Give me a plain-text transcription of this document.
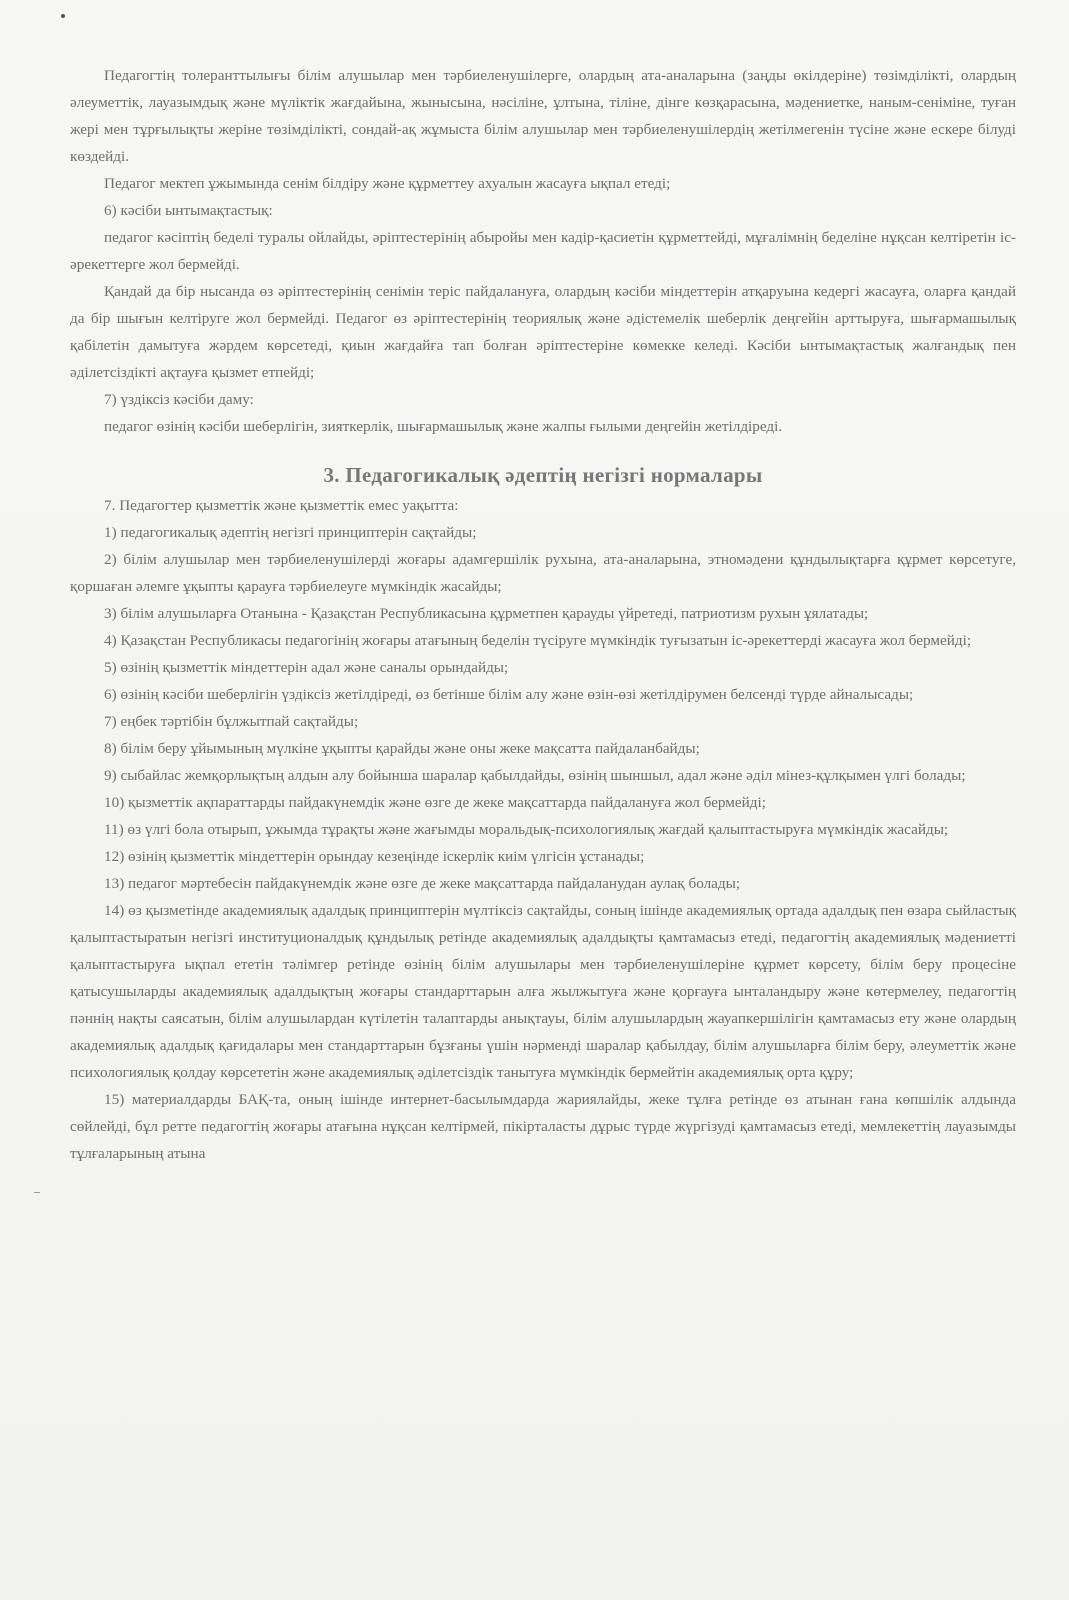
Педагогтің толеранттылығы білім алушылар мен тәрбиеленушілерге, олардың ата-аналарына (заңды өкілдеріне) төзімділікті, олардың әлеуметтік, лауазымдық және мүліктік жағдайына, жынысына, нәсіліне, ұлтына, тіліне, дінге көзқарасына, мәдениетке, наным-сеніміне, туған жері мен тұрғылықты жеріне төзімділікті, сондай-ақ жұмыста білім алушылар мен тәрбиеленушілердің жетілмегенін түсіне және ескере білуді көздейді.

Педагог мектеп ұжымында сенім білдіру және құрметтеу ахуалын жасауға ықпал етеді;

6) кәсіби ынтымақтастық:

педагог кәсіптің беделі туралы ойлайды, әріптестерінің абыройы мен кадір-қасиетін құрметтейді, мұғалімнің беделіне нұқсан келтіретін іс-әрекеттерге жол бермейді.

Қандай да бір нысанда өз әріптестерінің сенімін теріс пайдалануға, олардың кәсіби міндеттерін атқаруына кедергі жасауға, оларға қандай да бір шығын келтіруге жол бермейді. Педагог өз әріптестерінің теориялық және әдістемелік шеберлік деңгейін арттыруға, шығармашылық қабілетін дамытуға жәрдем көрсетеді, қиын жағдайға тап болған әріптестеріне көмекке келеді. Кәсіби ынтымақтастық жалғандық пен әділетсіздікті ақтауға қызмет етпейді;

7) үздіксіз кәсіби даму:

педагог өзінің кәсіби шеберлігін, зияткерлік, шығармашылық және жалпы ғылыми деңгейін жетілдіреді.

3. Педагогикалық әдептің негізгі нормалары

7. Педагогтер қызметтік және қызметтік емес уақытта:

1) педагогикалық әдептің негізгі принциптерін сақтайды;

2) білім алушылар мен тәрбиеленушілерді жоғары адамгершілік рухына, ата-аналарына, этномәдени құндылықтарға құрмет көрсетуге, қоршаған әлемге ұқыпты қарауға тәрбиелеуге мүмкіндік жасайды;

3) білім алушыларға Отанына - Қазақстан Республикасына құрметпен қарауды үйретеді, патриотизм рухын ұялатады;

4) Қазақстан Республикасы педагогінің жоғары атағының беделін түсіруге мүмкіндік туғызатын іс-әрекеттерді жасауға жол бермейді;

5) өзінің қызметтік міндеттерін адал және саналы орындайды;

6) өзінің кәсіби шеберлігін үздіксіз жетілдіреді, өз бетінше білім алу және өзін-өзі жетілдірумен белсенді түрде айналысады;

7) еңбек тәртібін бұлжытпай сақтайды;

8) білім беру ұйымының мүлкіне ұқыпты қарайды және оны жеке мақсатта пайдаланбайды;

9) сыбайлас жемқорлықтың алдын алу бойынша шаралар қабылдайды, өзінің шыншыл, адал және әділ мінез-құлқымен үлгі болады;

10) қызметтік ақпараттарды пайдакүнемдік және өзге де жеке мақсаттарда пайдалануға жол бермейді;

11) өз үлгі бола отырып, ұжымда тұрақты және жағымды моральдық-психологиялық жағдай қалыптастыруға мүмкіндік жасайды;

12) өзінің қызметтік міндеттерін орындау кезеңінде іскерлік киім үлгісін ұстанады;

13) педагог мәртебесін пайдакүнемдік және өзге де жеке мақсаттарда пайдаланудан аулақ болады;

14) өз қызметінде академиялық адалдық принциптерін мүлтіксіз сақтайды, соның ішінде академиялық ортада адалдық пен өзара сыйластық қалыптастыратын негізгі институционалдық құндылық ретінде академиялық адалдықты қамтамасыз етеді, педагогтің академиялық мәдениетті қалыптастыруға ықпал ететін тәлімгер ретінде өзінің білім алушылары мен тәрбиеленушілеріне құрмет көрсету, білім беру процесіне қатысушыларды академиялық адалдықтың жоғары стандарттарын алға жылжытуға және қорғауға ынталандыру және көтермелеу, педагогтің пәннің нақты саясатын, білім алушылардан күтілетін талаптарды анықтауы, білім алушылардың жауапкершілігін қамтамасыз ету және олардың академиялық адалдық қағидалары мен стандарттарын бұзғаны үшін нәрменді шаралар қабылдау, білім алушыларға білім беру, әлеуметтік және психологиялық қолдау көрсететін және академиялық әділетсіздік танытуға мүмкіндік бермейтін академиялық орта құру;

15) материалдарды БАҚ-та, оның ішінде интернет-басылымдарда жариялайды, жеке тұлға ретінде өз атынан ғана көпшілік алдында сөйлейді, бұл ретте педагогтің жоғары атағына нұқсан келтірмей, пікірталасты дұрыс түрде жүргізуді қамтамасыз етеді, мемлекеттің лауазымды тұлғаларының атына
